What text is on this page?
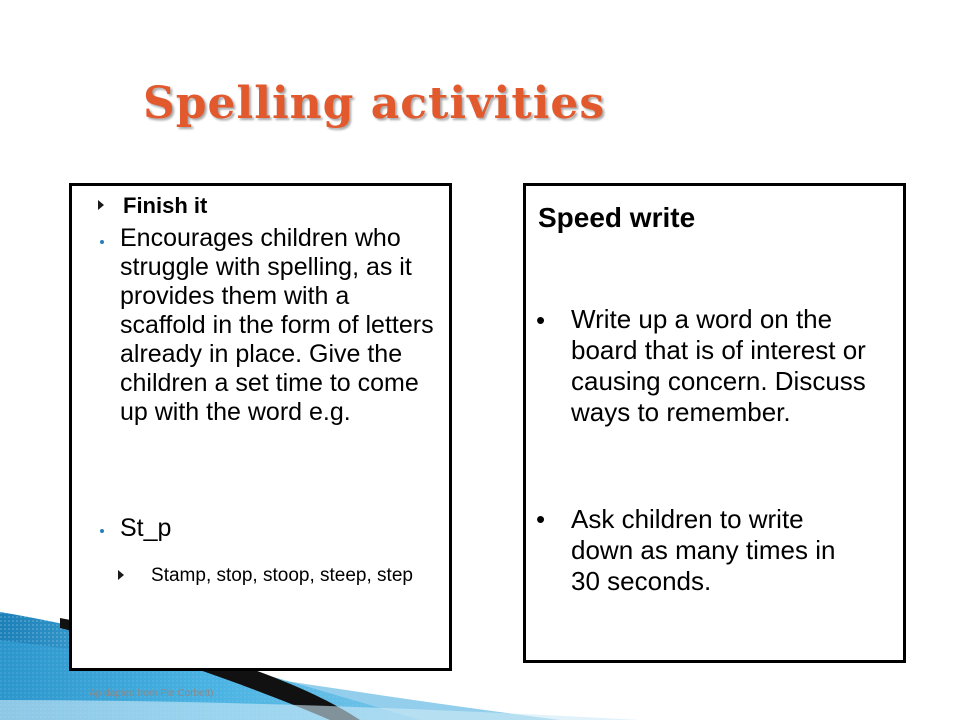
Spelling activities
Finish it
Encourages children who struggle with spelling, as it provides them with a scaffold in the form of letters already in place. Give the children a set time to come up with the word e.g.
St_p
Stamp, stop, stoop, steep, step
Speed write
• Write up a word on the board that is of interest or causing concern. Discuss ways to remember.
• Ask children to write down as many times in 30 seconds.
Ap dapted from Pie Corbett)
